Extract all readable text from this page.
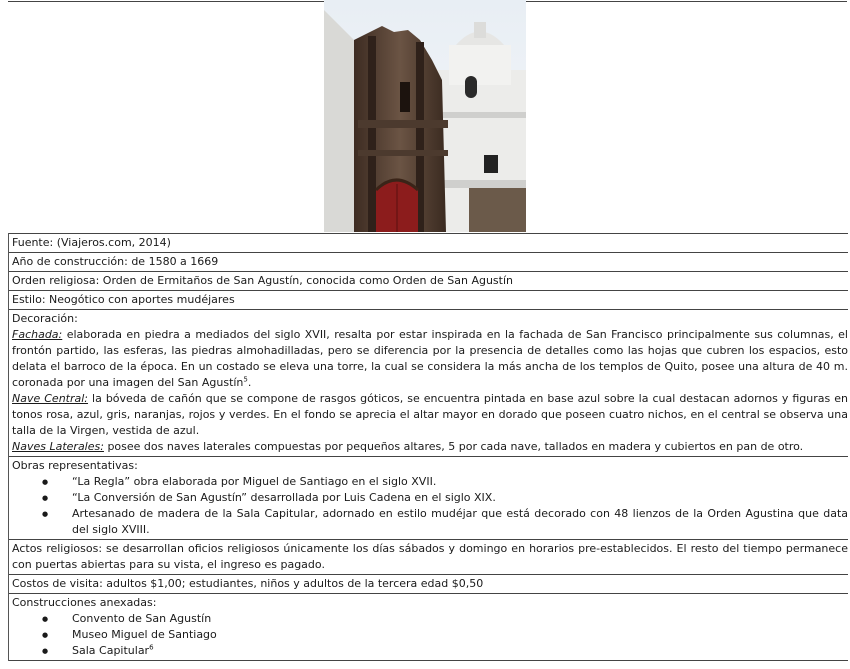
Fuente: (Viajeros.com, 2014)
Año de construcción: de 1580 a 1669
Orden religiosa: Orden de Ermitaños de San Agustín, conocida como Orden de San Agustín
Estilo: Neogótico con aportes mudéjares
Decoración:
Fachada: elaborada en piedra a mediados del siglo XVII, resalta por estar inspirada en la fachada de San Francisco principalmente sus columnas, el frontón partido, las esferas, las piedras almohadilladas, pero se diferencia por la presencia de detalles como las hojas que cubren los espacios, esto delata el barroco de la época. En un costado se eleva una torre, la cual se considera la más ancha de los templos de Quito, posee una altura de 40 m. coronada por una imagen del San Agustín$^5$.
Nave Central: la bóveda de cañón que se compone de rasgos góticos, se encuentra pintada en base azul sobre la cual destacan adornos y figuras en tonos rosa, azul, gris, naranjas, rojos y verdes. En el fondo se aprecia el altar mayor en dorado que poseen cuatro nichos, en el central se observa una talla de la Virgen, vestida de azul.
Naves Laterales: posee dos naves laterales compuestas por pequeños altares, 5 por cada nave, tallados en madera y cubiertos en pan de otro.
Obras representativas:
● “La Regla” obra elaborada por Miguel de Santiago en el siglo XVII.
● “La Conversión de San Agustín” desarrollada por Luis Cadena en el siglo XIX.
● Artesanado de madera de la Sala Capitular, adornado en estilo mudéjar que está decorado con 48 lienzos de la Orden Agustina que data del siglo XVIII.
Actos religiosos: se desarrollan oficios religiosos únicamente los días sábados y domingo en horarios pre-establecidos. El resto del tiempo permanece con puertas abiertas para su vista, el ingreso es pagado.
Costos de visita: adultos $1,00; estudiantes, niños y adultos de la tercera edad $0,50
Construcciones anexadas:
● Convento de San Agustín
● Museo Miguel de Santiago
● Sala Capitular$^6$
